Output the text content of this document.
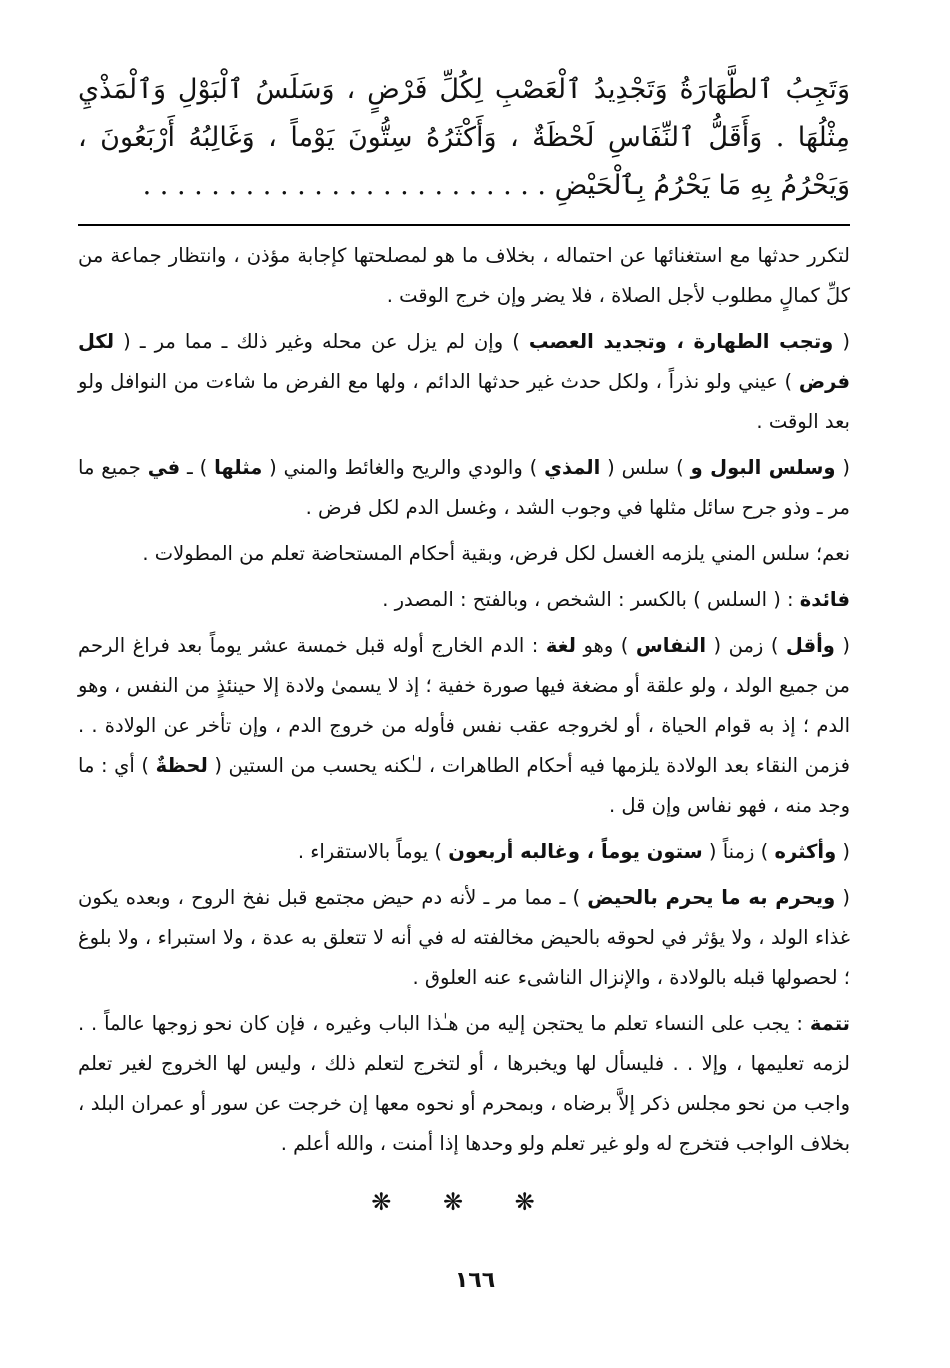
وَتَجِبُ ٱلطَّهَارَةُ وَتَجْدِيدُ ٱلْعَصْبِ لِكُلِّ فَرْضٍ ، وَسَلَسُ ٱلْبَوْلِ وَٱلْمَذْيِ مِثْلُهَا . وَأَقَلُّ ٱلنِّفَاسِ لَحْظَةٌ ، وَأَكْثَرُهُ سِتُّونَ يَوْماً ، وَغَالِبُهُ أَرْبَعُونَ ، وَيَحْرُمُ بِهِ مَا يَحْرُمُ بِٱلْحَيْضِ . . . . . . . . . . . . . . . . . . . . . . . .

لتكرر حدثها مع استغنائها عن احتماله ، بخلاف ما هو لمصلحتها كإجابة مؤذن ، وانتظار جماعة من كلِّ كمالٍ مطلوب لأجل الصلاة ، فلا يضر وإن خرج الوقت .

( وتجب الطهارة ، وتجديد العصب ) وإن لم يزل عن محله وغير ذلك ـ مما مر ـ ( لكل فرض ) عيني ولو نذراً ، ولكل حدث غير حدثها الدائم ، ولها مع الفرض ما شاءت من النوافل ولو بعد الوقت .

( وسلس البول و ) سلس ( المذي ) والودي والريح والغائط والمني ( مثلها ) ـ في جميع ما مر ـ وذو جرح سائل مثلها في وجوب الشد ، وغسل الدم لكل فرض .

نعم؛ سلس المني يلزمه الغسل لكل فرض، وبقية أحكام المستحاضة تعلم من المطولات .

فائدة : ( السلس ) بالكسر : الشخص ، وبالفتح : المصدر .

( وأقل ) زمن ( النفاس ) وهو لغة : الدم الخارج أوله قبل خمسة عشر يوماً بعد فراغ الرحم من جميع الولد ، ولو علقة أو مضغة فيها صورة خفية ؛ إذ لا يسمىٰ ولادة إلا حينئذٍ من النفس ، وهو الدم ؛ إذ به قوام الحياة ، أو لخروجه عقب نفس فأوله من خروج الدم ، وإن تأخر عن الولادة . . فزمن النقاء بعد الولادة يلزمها فيه أحكام الطاهرات ، لـٰكنه يحسب من الستين ( لحظةٌ ) أي : ما وجد منه ، فهو نفاس وإن قل .

( وأكثره ) زمناً ( ستون يوماً ، وغالبه أربعون ) يوماً بالاستقراء .

( ويحرم به ما يحرم بالحيض ) ـ مما مر ـ لأنه دم حيض مجتمع قبل نفخ الروح ، وبعده يكون غذاء الولد ، ولا يؤثر في لحوقه بالحيض مخالفته له في أنه لا تتعلق به عدة ، ولا استبراء ، ولا بلوغ ؛ لحصولها قبله بالولادة ، والإنزال الناشىء عنه العلوق .

تتمة : يجب على النساء تعلم ما يحتجن إليه من هـٰذا الباب وغيره ، فإن كان نحو زوجها عالماً . . لزمه تعليمها ، وإلا . . فليسأل لها ويخبرها ، أو لتخرج لتعلم ذلك ، وليس لها الخروج لغير تعلم واجب من نحو مجلس ذكر إلاَّ برضاه ، وبمحرم أو نحوه معها إن خرجت عن سور أو عمران البلد ، بخلاف الواجب فتخرج له ولو غير تعلم ولو وحدها إذا أمنت ، والله أعلم .

❋ ❋ ❋
١٦٦
